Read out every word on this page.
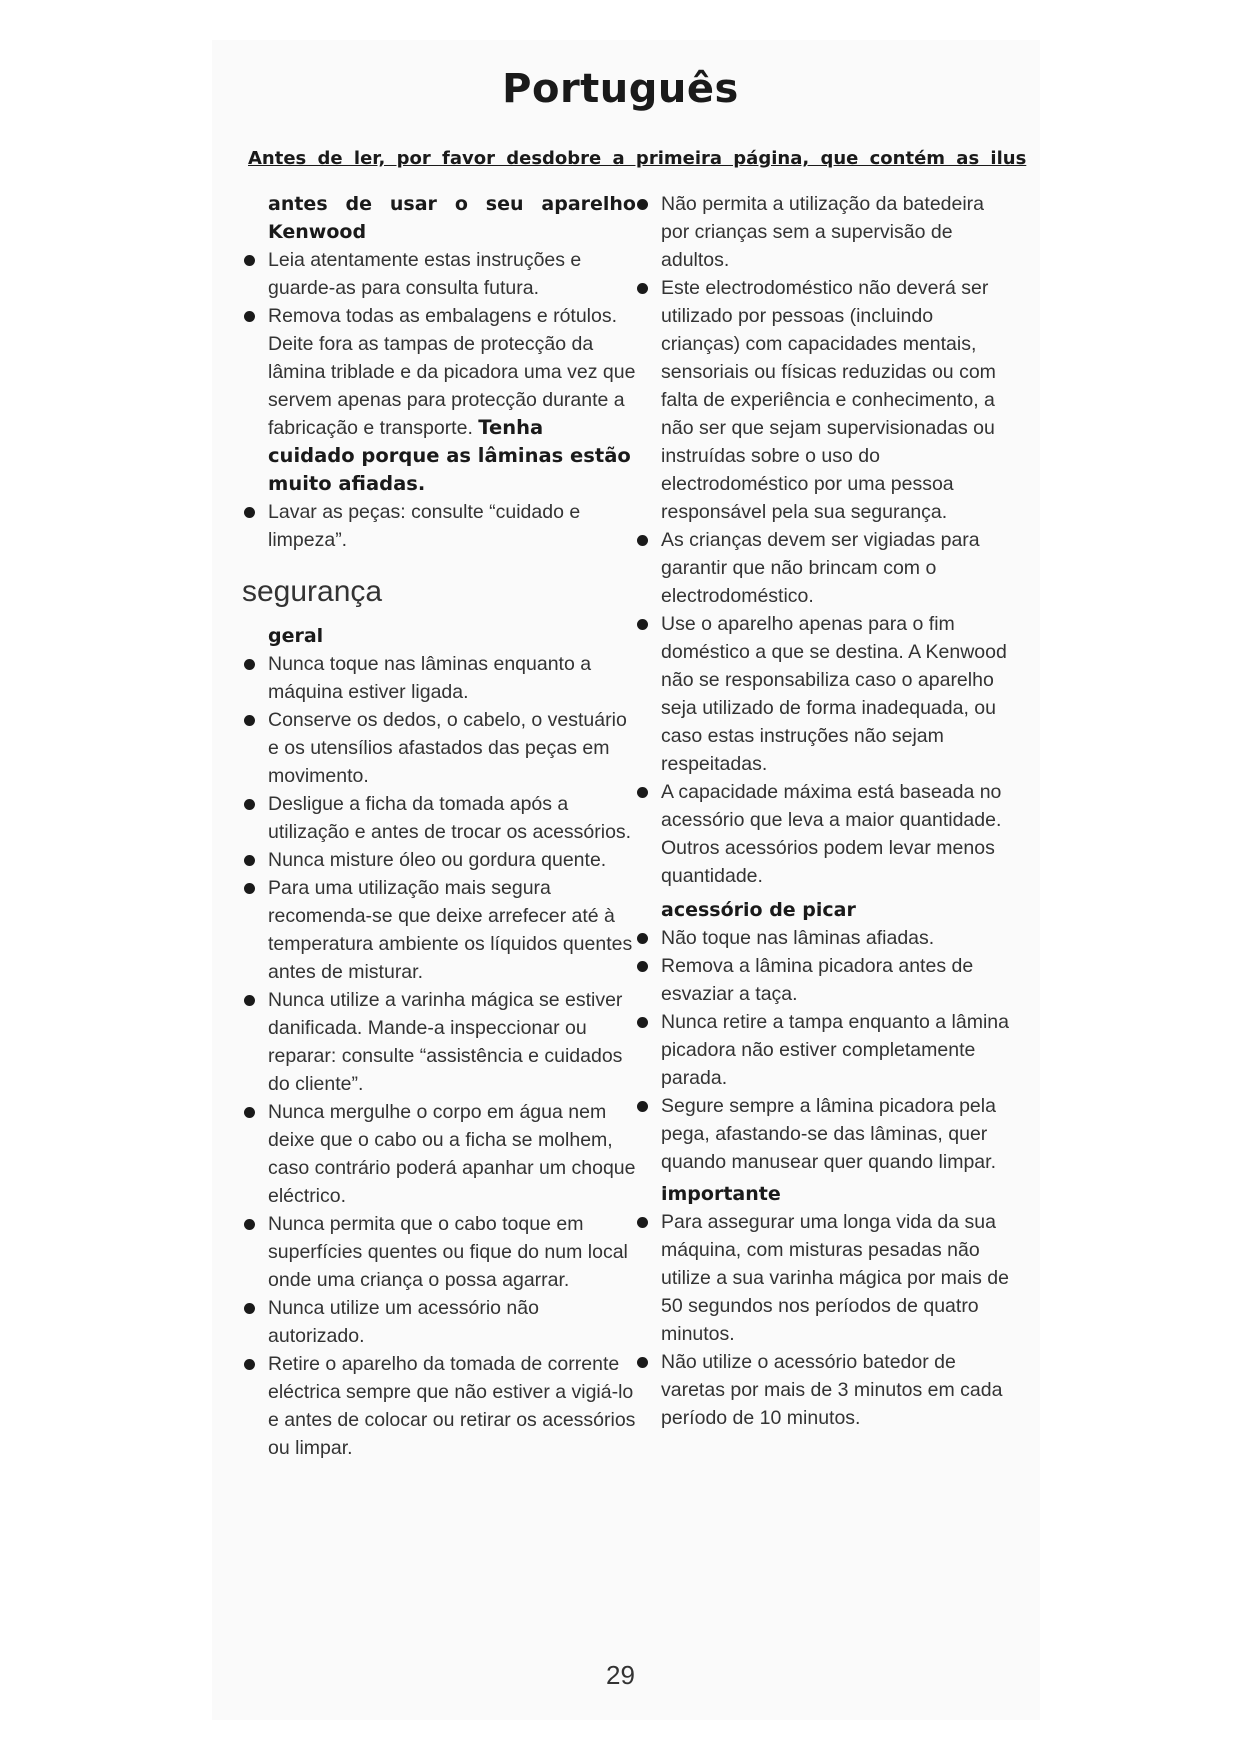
Português
Antes de ler, por favor desdobre a primeira página, que contém as ilus
antes de usar o seu aparelho
Kenwood
Leia atentamente estas instruções e guarde-as para consulta futura.
Remova todas as embalagens e rótulos. Deite fora as tampas de protecção da lâmina triblade e da picadora uma vez que servem apenas para protecção durante a fabricação e transporte. Tenha cuidado porque as lâminas estão muito afiadas.
Lavar as peças: consulte “cuidado e limpeza”.
segurança
geral
Nunca toque nas lâminas enquanto a máquina estiver ligada.
Conserve os dedos, o cabelo, o vestuário e os utensílios afastados das peças em movimento.
Desligue a ficha da tomada após a utilização e antes de trocar os acessórios.
Nunca misture óleo ou gordura quente.
Para uma utilização mais segura recomenda-se que deixe arrefecer até à temperatura ambiente os líquidos quentes antes de misturar.
Nunca utilize a varinha mágica se estiver danificada. Mande-a inspeccionar ou reparar: consulte “assistência e cuidados do cliente”.
Nunca mergulhe o corpo em água nem deixe que o cabo ou a ficha se molhem, caso contrário poderá apanhar um choque eléctrico.
Nunca permita que o cabo toque em superfícies quentes ou fique do num local onde uma criança o possa agarrar.
Nunca utilize um acessório não autorizado.
Retire o aparelho da tomada de corrente eléctrica sempre que não estiver a vigiá-lo e antes de colocar ou retirar os acessórios ou limpar.
Não permita a utilização da batedeira por crianças sem a supervisão de adultos.
Este electrodoméstico não deverá ser utilizado por pessoas (incluindo crianças) com capacidades mentais, sensoriais ou físicas reduzidas ou com falta de experiência e conhecimento, a não ser que sejam supervisionadas ou instruídas sobre o uso do electrodoméstico por uma pessoa responsável pela sua segurança.
As crianças devem ser vigiadas para garantir que não brincam com o electrodoméstico.
Use o aparelho apenas para o fim doméstico a que se destina. A Kenwood não se responsabiliza caso o aparelho seja utilizado de forma inadequada, ou caso estas instruções não sejam respeitadas.
A capacidade máxima está baseada no acessório que leva a maior quantidade. Outros acessórios podem levar menos quantidade.
acessório de picar
Não toque nas lâminas afiadas.
Remova a lâmina picadora antes de esvaziar a taça.
Nunca retire a tampa enquanto a lâmina picadora não estiver completamente parada.
Segure sempre a lâmina picadora pela pega, afastando-se das lâminas, quer quando manusear quer quando limpar.
importante
Para assegurar uma longa vida da sua máquina, com misturas pesadas não utilize a sua varinha mágica por mais de 50 segundos nos períodos de quatro minutos.
Não utilize o acessório batedor de varetas por mais de 3 minutos em cada período de 10 minutos.
29
